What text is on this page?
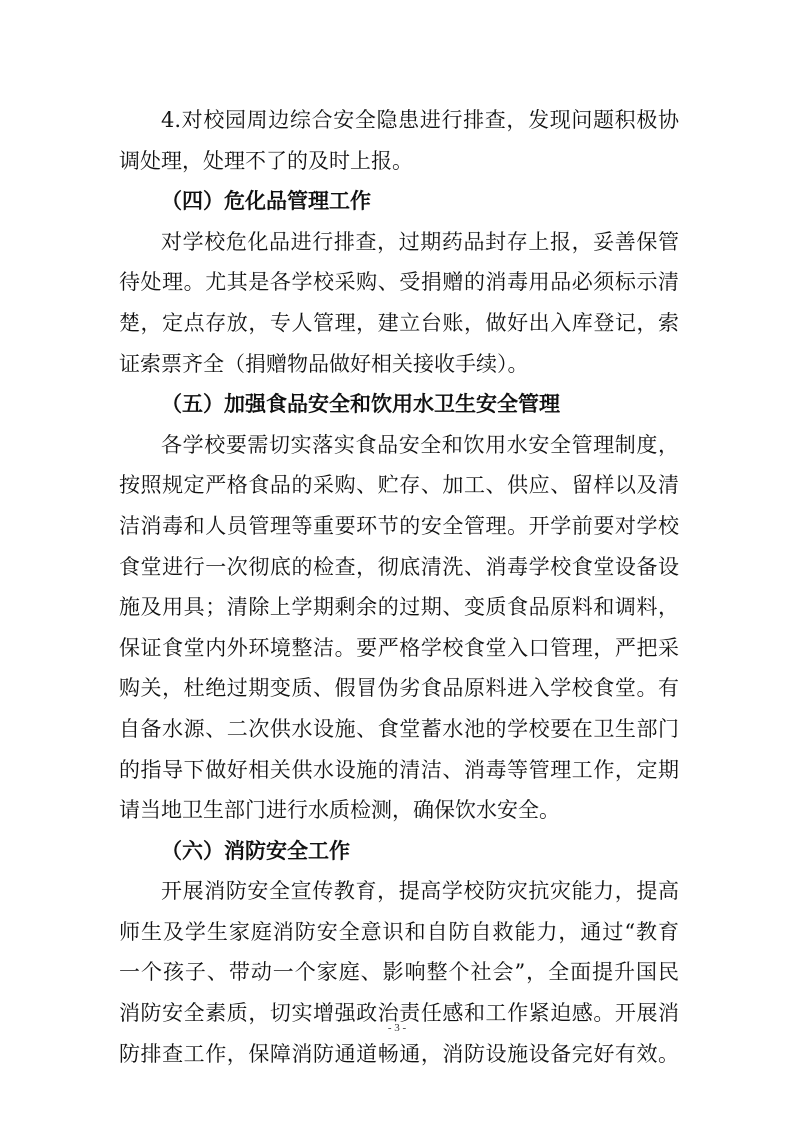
4.对校园周边综合安全隐患进行排查，发现问题积极协
调处理，处理不了的及时上报。
（四）危化品管理工作
对学校危化品进行排查，过期药品封存上报，妥善保管
待处理。尤其是各学校采购、受捐赠的消毒用品必须标示清
楚，定点存放，专人管理，建立台账，做好出入库登记，索
证索票齐全（捐赠物品做好相关接收手续）。
（五）加强食品安全和饮用水卫生安全管理
各学校要需切实落实食品安全和饮用水安全管理制度，
按照规定严格食品的采购、贮存、加工、供应、留样以及清
洁消毒和人员管理等重要环节的安全管理。开学前要对学校
食堂进行一次彻底的检查，彻底清洗、消毒学校食堂设备设
施及用具；清除上学期剩余的过期、变质食品原料和调料，
保证食堂内外环境整洁。要严格学校食堂入口管理，严把采
购关，杜绝过期变质、假冒伪劣食品原料进入学校食堂。有
自备水源、二次供水设施、食堂蓄水池的学校要在卫生部门
的指导下做好相关供水设施的清洁、消毒等管理工作，定期
请当地卫生部门进行水质检测，确保饮水安全。
（六）消防安全工作
开展消防安全宣传教育，提高学校防灾抗灾能力，提高
师生及学生家庭消防安全意识和自防自救能力，通过“教育
一个孩子、带动一个家庭、影响整个社会”，全面提升国民
消防安全素质，切实增强政治责任感和工作紧迫感。开展消
防排查工作，保障消防通道畅通，消防设施设备完好有效。
- 3 -
